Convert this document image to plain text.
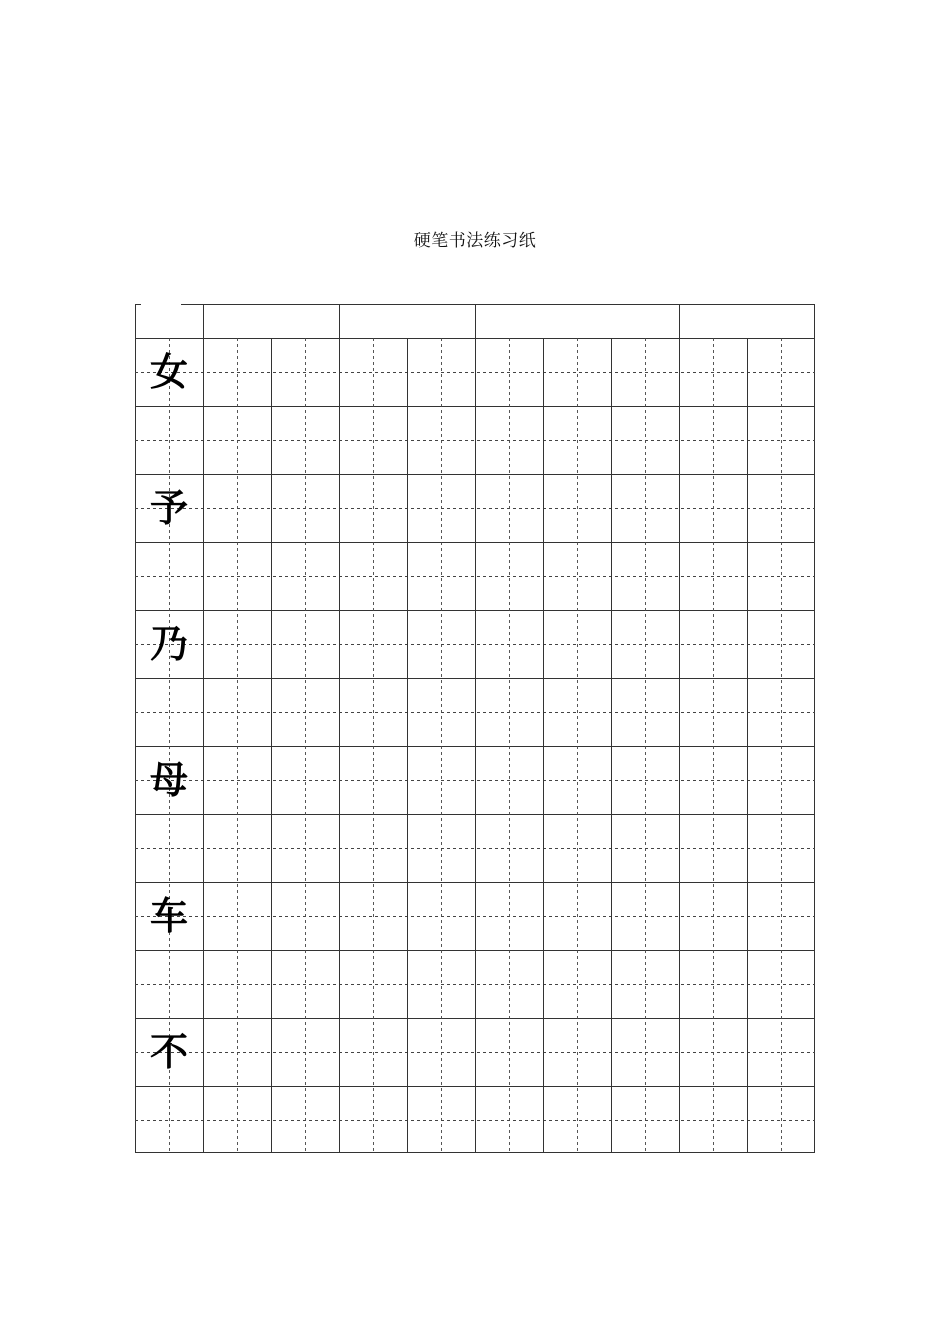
硬笔书法练习纸
女
予
乃
母
车
不
